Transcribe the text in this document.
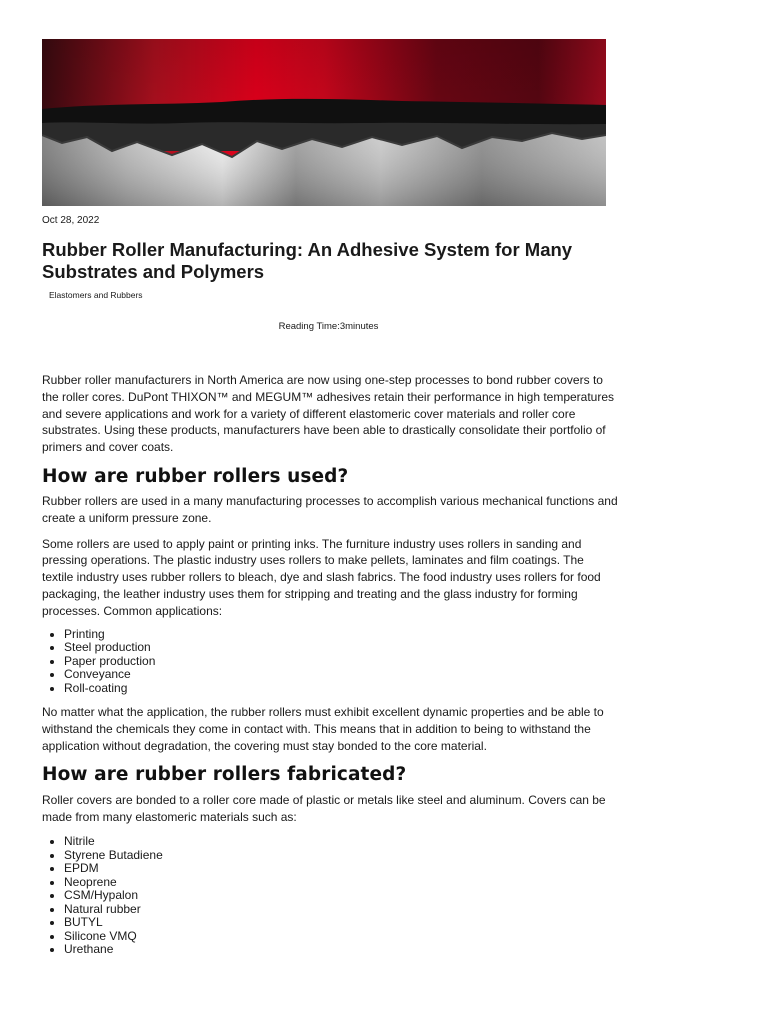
Oct 28, 2022
Rubber Roller Manufacturing: An Adhesive System for Many Substrates and Polymers
Elastomers and Rubbers
Reading Time:3minutes

Rubber roller manufacturers in North America are now using one-step processes to bond rubber covers to the roller cores. DuPont THIXON™ and MEGUM™ adhesives retain their performance in high temperatures and severe applications and work for a variety of different elastomeric cover materials and roller core substrates. Using these products, manufacturers have been able to drastically consolidate their portfolio of primers and cover coats.

How are rubber rollers used?

Rubber rollers are used in a many manufacturing processes to accomplish various mechanical functions and create a uniform pressure zone.

Some rollers are used to apply paint or printing inks. The furniture industry uses rollers in sanding and pressing operations. The plastic industry uses rollers to make pellets, laminates and film coatings. The textile industry uses rubber rollers to bleach, dye and slash fabrics. The food industry uses rollers for food packaging, the leather industry uses them for stripping and treating and the glass industry for forming processes. Common applications:

• Printing
• Steel production
• Paper production
• Conveyance
• Roll-coating

No matter what the application, the rubber rollers must exhibit excellent dynamic properties and be able to withstand the chemicals they come in contact with. This means that in addition to being to withstand the application without degradation, the covering must stay bonded to the core material.

How are rubber rollers fabricated?

Roller covers are bonded to a roller core made of plastic or metals like steel and aluminum. Covers can be made from many elastomeric materials such as:

• Nitrile
• Styrene Butadiene
• EPDM
• Neoprene
• CSM/Hypalon
• Natural rubber
• BUTYL
• Silicone VMQ
• Urethane
